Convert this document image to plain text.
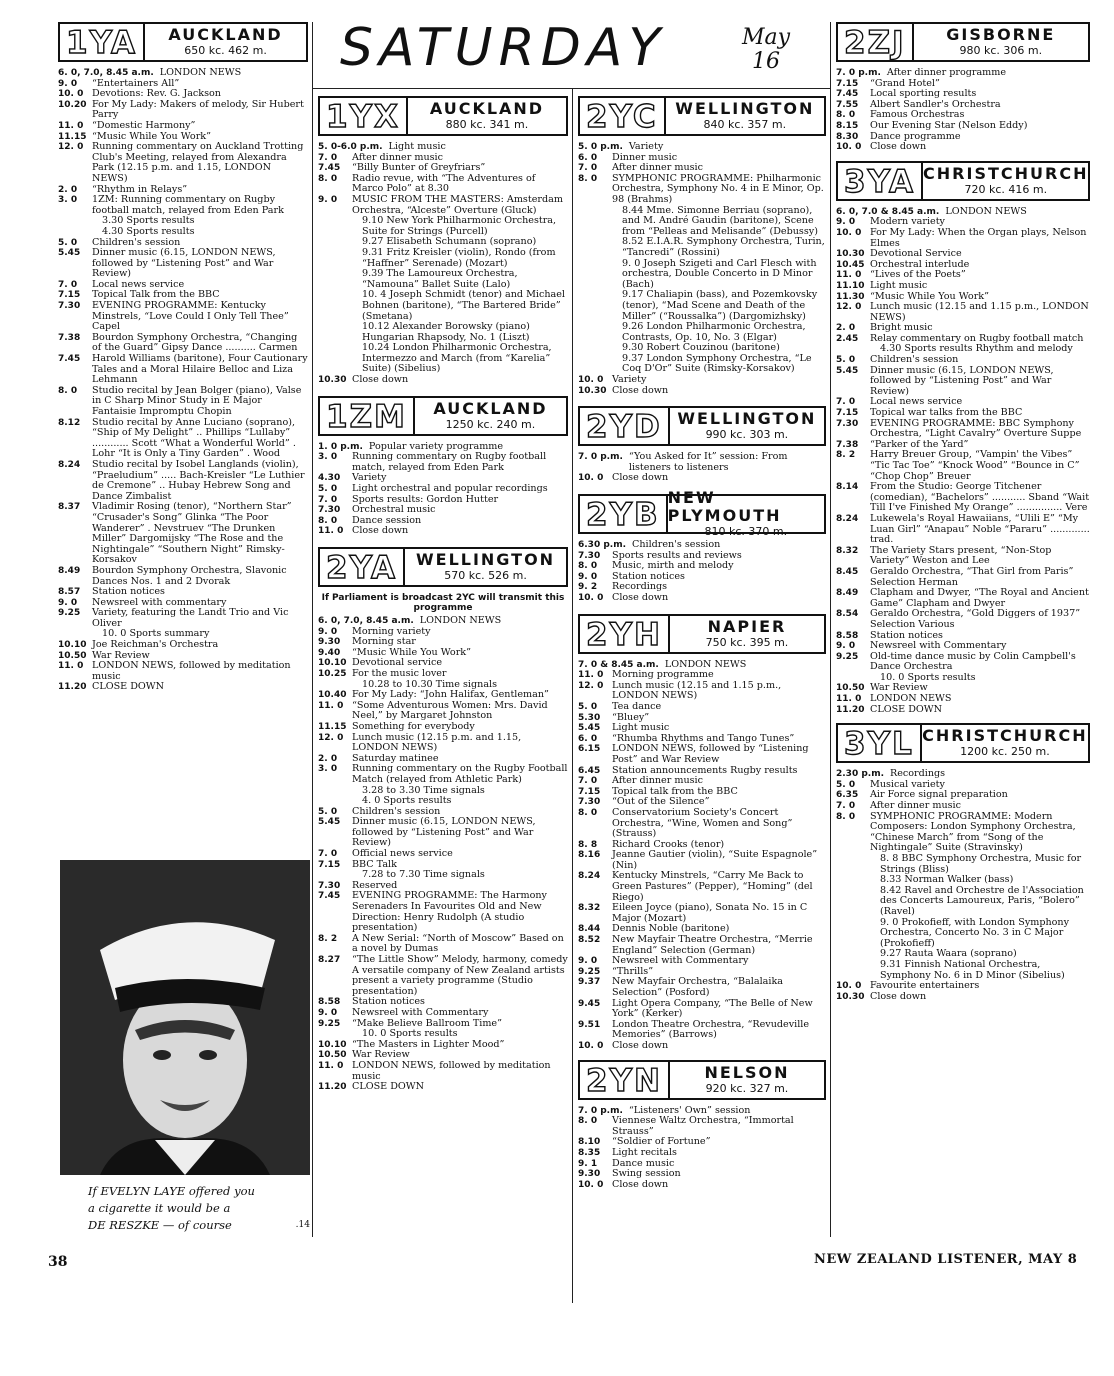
SATURDAY	May
16
1YA	AUCKLAND
650 kc. 462 m.
6. 0, 7.0, 8.45 a.m. LONDON NEWS
9. 0	“Entertainers All”
10. 0 Devotions: Rev. G. Jackson
10.20 For My Lady: Makers of melody, Sir Hubert Parry
11. 0 “Domestic Harmony”
11.15 “Music While You Work”
12. 0 Running commentary on Auckland Trotting Club's Meeting, relayed from Alexandra Park (12.15 p.m. and 1.15, LONDON NEWS)
2. 0	“Rhythm in Relays”
3. 0	1ZM: Running commentary on Rugby football match, relayed from Eden Park
3.30 Sports results
4.30 Sports results
5. 0	Children's session
5.45	Dinner music (6.15, LONDON NEWS, followed by “Listening Post” and War Review)
7. 0	Local news service
7.15	Topical Talk from the BBC
7.30	EVENING PROGRAMME: Kentucky Minstrels, “Love Could I Only Tell Thee” Capel
7.38	Bourdon Symphony Orchestra, “Changing of the Guard” Gipsy Dance .......... Carmen
7.45	Harold Williams (baritone), Four Cautionary Tales and a Moral Hilaire Belloc and Liza Lehmann
8. 0	Studio recital by Jean Bolger (piano), Valse in C Sharp Minor Study in E Major Fantaisie Impromptu Chopin
8.12	Studio recital by Anne Luciano (soprano), “Ship of My Delight” .. Phillips “Lullaby” ............ Scott “What a Wonderful World” . Lohr “It is Only a Tiny Garden” . Wood
8.24	Studio recital by Isobel Langlands (violin), “Praeludium” ..... Bach-Kreisler “Le Luthier de Cremone” .. Hubay Hebrew Song and Dance Zimbalist
8.37	Vladimir Rosing (tenor), “Northern Star” “Crusader's Song” Glinka “The Poor Wanderer” . Nevstruev “The Drunken Miller” Dargomijsky “The Rose and the Nightingale” “Southern Night” Rimsky-Korsakov
8.49	Bourdon Symphony Orchestra, Slavonic Dances Nos. 1 and 2 Dvorak
8.57	Station notices
9. 0	Newsreel with commentary
9.25	Variety, featuring the Landt Trio and Vic Oliver
10. 0 Sports summary
10.10 Joe Reichman's Orchestra
10.50 War Review
11. 0 LONDON NEWS, followed by meditation music
11.20 CLOSE DOWN
If EVELYN LAYE offered you
a cigarette it would be a
DE RESZKE — of course	.14
1YX	AUCKLAND
880 kc. 341 m.
5. 0-6.0 p.m. Light music
7. 0	After dinner music
7.45	“Billy Bunter of Greyfriars”
8. 0	Radio revue, with “The Adventures of Marco Polo” at 8.30
9. 0	MUSIC FROM THE MASTERS: Amsterdam Orchestra, “Alceste” Overture (Gluck)
9.10 New York Philharmonic Orchestra, Suite for Strings (Purcell)
9.27 Elisabeth Schumann (soprano)
9.31 Fritz Kreisler (violin), Rondo (from “Haffner” Serenade) (Mozart)
9.39 The Lamoureux Orchestra, “Namouna” Ballet Suite (Lalo)
10. 4 Joseph Schmidt (tenor) and Michael Bohnen (baritone), “The Bartered Bride” (Smetana)
10.12 Alexander Borowsky (piano) Hungarian Rhapsody, No. 1 (Liszt)
10.24 London Philharmonic Orchestra, Intermezzo and March (from “Karelia” Suite) (Sibelius)
10.30 Close down
1ZM	AUCKLAND
1250 kc. 240 m.
1. 0 p.m. Popular variety programme
3. 0	Running commentary on Rugby football match, relayed from Eden Park
4.30	Variety
5. 0	Light orchestral and popular recordings
7. 0	Sports results: Gordon Hutter
7.30	Orchestral music
8. 0	Dance session
11. 0 Close down
2YA	WELLINGTON
570 kc. 526 m.
If Parliament is broadcast 2YC will transmit this programme
6. 0, 7.0, 8.45 a.m. LONDON NEWS
9. 0	Morning variety
9.30	Morning star
9.40	“Music While You Work”
10.10 Devotional service
10.25 For the music lover
10.28 to 10.30 Time signals
10.40 For My Lady: “John Halifax, Gentleman”
11. 0 “Some Adventurous Women: Mrs. David Neel,” by Margaret Johnston
11.15 Something for everybody
12. 0 Lunch music (12.15 p.m. and 1.15, LONDON NEWS)
2. 0	Saturday matinee
3. 0	Running commentary on the Rugby Football Match (relayed from Athletic Park)
3.28 to 3.30 Time signals
4. 0 Sports results
5. 0	Children's session
5.45	Dinner music (6.15, LONDON NEWS, followed by “Listening Post” and War Review)
7. 0	Official news service
7.15	BBC Talk
7.28 to 7.30 Time signals
7.30	Reserved
7.45	EVENING PROGRAMME: The Harmony Serenaders In Favourites Old and New Direction: Henry Rudolph (A studio presentation)
8. 2	A New Serial: “North of Moscow” Based on a novel by Dumas
8.27	“The Little Show” Melody, harmony, comedy A versatile company of New Zealand artists present a variety programme (Studio presentation)
8.58	Station notices
9. 0	Newsreel with Commentary
9.25	“Make Believe Ballroom Time”
10. 0 Sports results
10.10 “The Masters in Lighter Mood”
10.50 War Review
11. 0 LONDON NEWS, followed by meditation music
11.20 CLOSE DOWN
2YC	WELLINGTON
840 kc. 357 m.
5. 0 p.m. Variety
6. 0	Dinner music
7. 0	After dinner music
8. 0	SYMPHONIC PROGRAMME: Philharmonic Orchestra, Symphony No. 4 in E Minor, Op. 98 (Brahms)
8.44 Mme. Simonne Berriau (soprano), and M. André Gaudin (baritone), Scene from “Pelleas and Melisande” (Debussy)
8.52 E.I.A.R. Symphony Orchestra, Turin, “Tancredi” (Rossini)
9. 0 Joseph Szigeti and Carl Flesch with orchestra, Double Concerto in D Minor (Bach)
9.17 Chaliapin (bass), and Pozemkovsky (tenor), “Mad Scene and Death of the Miller” (“Roussalka”) (Dargomizhsky)
9.26 London Philharmonic Orchestra, Contrasts, Op. 10, No. 3 (Elgar)
9.30 Robert Couzinou (baritone)
9.37 London Symphony Orchestra, “Le Coq D'Or” Suite (Rimsky-Korsakov)
10. 0 Variety
10.30 Close down
2YD WELLINGTON
990 kc. 303 m.
7. 0 p.m. “You Asked for It” session: From listeners to listeners
10. 0 Close down
2YB NEW PLYMOUTH
810 kc. 370 m.
6.30 p.m. Children's session
7.30	Sports results and reviews
8. 0	Music, mirth and melody
9. 0	Station notices
9. 2	Recordings
10. 0 Close down
2YH	NAPIER
750 kc. 395 m.
7. 0 & 8.45 a.m. LONDON NEWS
11. 0 Morning programme
12. 0 Lunch music (12.15 and 1.15 p.m., LONDON NEWS)
5. 0	Tea dance
5.30	“Bluey”
5.45	Light music
6. 0	“Rhumba Rhythms and Tango Tunes”
6.15	LONDON NEWS, followed by “Listening Post” and War Review
6.45	Station announcements Rugby results
7. 0	After dinner music
7.15	Topical talk from the BBC
7.30	“Out of the Silence”
8. 0	Conservatorium Society's Concert Orchestra, “Wine, Women and Song” (Strauss)
8. 8	Richard Crooks (tenor)
8.16	Jeanne Gautier (violin), “Suite Espagnole” (Nin)
8.24	Kentucky Minstrels, “Carry Me Back to Green Pastures” (Pepper), “Homing” (del Riego)
8.32	Eileen Joyce (piano), Sonata No. 15 in C Major (Mozart)
8.44	Dennis Noble (baritone)
8.52	New Mayfair Theatre Orchestra, “Merrie England” Selection (German)
9. 0	Newsreel with Commentary
9.25	“Thrills”
9.37	New Mayfair Orchestra, “Balalaika Selection” (Posford)
9.45	Light Opera Company, “The Belle of New York” (Kerker)
9.51	London Theatre Orchestra, “Revudeville Memories” (Barrows)
10. 0 Close down
2YN	NELSON
920 kc. 327 m.
7. 0 p.m. “Listeners' Own” session
8. 0	Viennese Waltz Orchestra, “Immortal Strauss”
8.10	“Soldier of Fortune”
8.35	Light recitals
9. 1	Dance music
9.30	Swing session
10. 0 Close down
2ZJ	GISBORNE
980 kc. 306 m.
7. 0 p.m. After dinner programme
7.15	“Grand Hotel”
7.45	Local sporting results
7.55	Albert Sandler's Orchestra
8. 0	Famous Orchestras
8.15	Our Evening Star (Nelson Eddy)
8.30	Dance programme
10. 0 Close down
3YA CHRISTCHURCH
720 kc. 416 m.
6. 0, 7.0 & 8.45 a.m. LONDON NEWS
9. 0	Modern variety
10. 0 For My Lady: When the Organ plays, Nelson Elmes
10.30 Devotional Service
10.45 Orchestral interlude
11. 0 “Lives of the Poets”
11.10 Light music
11.30 “Music While You Work”
12. 0 Lunch music (12.15 and 1.15 p.m., LONDON NEWS)
2. 0	Bright music
2.45	Relay commentary on Rugby football match
4.30 Sports results Rhythm and melody
5. 0	Children's session
5.45	Dinner music (6.15, LONDON NEWS, followed by “Listening Post” and War Review)
7. 0	Local news service
7.15	Topical war talks from the BBC
7.30	EVENING PROGRAMME: BBC Symphony Orchestra, “Light Cavalry” Overture Suppe
7.38	“Parker of the Yard”
8. 2	Harry Breuer Group, “Vampin' the Vibes” “Tic Tac Toe” “Knock Wood” “Bounce in C” “Chop Chop” Breuer
8.14	From the Studio: George Titchener (comedian), “Bachelors” ........... Sband “Wait Till I've Finished My Orange” ............... Vere
8.24	Lukewela's Royal Hawaiians, “Ulili E” “My Luan Girl” “Anapau” Noble “Pararu” ............. trad.
8.32	The Variety Stars present, “Non-Stop Variety” Weston and Lee
8.45	Geraldo Orchestra, “That Girl from Paris” Selection Herman
8.49	Clapham and Dwyer, “The Royal and Ancient Game” Clapham and Dwyer
8.54	Geraldo Orchestra, “Gold Diggers of 1937” Selection Various
8.58	Station notices
9. 0	Newsreel with Commentary
9.25	Old-time dance music by Colin Campbell's Dance Orchestra
10. 0 Sports results
10.50 War Review
11. 0 LONDON NEWS
11.20 CLOSE DOWN
3YL CHRISTCHURCH
1200 kc. 250 m.
2.30 p.m. Recordings
5. 0	Musical variety
6.35	Air Force signal preparation
7. 0	After dinner music
8. 0	SYMPHONIC PROGRAMME: Modern Composers: London Symphony Orchestra, “Chinese March” from “Song of the Nightingale” Suite (Stravinsky)
8. 8 BBC Symphony Orchestra, Music for Strings (Bliss)
8.33 Norman Walker (bass)
8.42 Ravel and Orchestre de l'Association des Concerts Lamoureux, Paris, “Bolero” (Ravel)
9. 0 Prokofieff, with London Symphony Orchestra, Concerto No. 3 in C Major (Prokofieff)
9.27 Rauta Waara (soprano)
9.31 Finnish National Orchestra, Symphony No. 6 in D Minor (Sibelius)
10. 0 Favourite entertainers
10.30 Close down
38	NEW ZEALAND LISTENER, MAY 8
